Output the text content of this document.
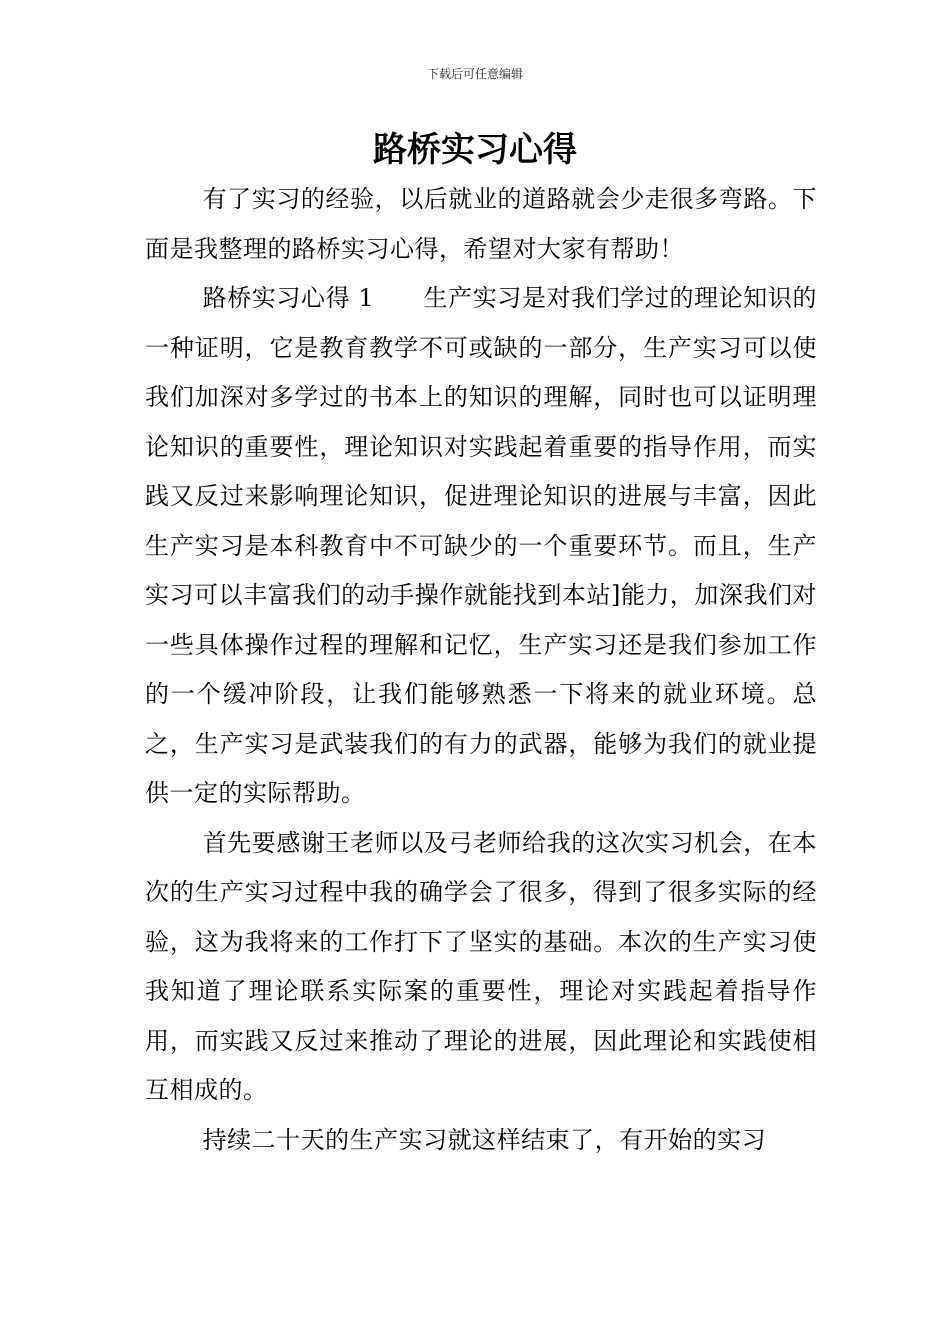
下载后可任意编辑
路桥实习心得

有了实习的经验，以后就业的道路就会少走很多弯路。下面是我整理的路桥实习心得，希望对大家有帮助！

路桥实习心得 1　　生产实习是对我们学过的理论知识的一种证明，它是教育教学不可或缺的一部分，生产实习可以使我们加深对多学过的书本上的知识的理解，同时也可以证明理论知识的重要性，理论知识对实践起着重要的指导作用，而实践又反过来影响理论知识，促进理论知识的进展与丰富，因此生产实习是本科教育中不可缺少的一个重要环节。而且，生产实习可以丰富我们的动手操作就能找到本站]能力，加深我们对一些具体操作过程的理解和记忆，生产实习还是我们参加工作的一个缓冲阶段，让我们能够熟悉一下将来的就业环境。总之，生产实习是武装我们的有力的武器，能够为我们的就业提供一定的实际帮助。

首先要感谢王老师以及弓老师给我的这次实习机会，在本次的生产实习过程中我的确学会了很多，得到了很多实际的经验，这为我将来的工作打下了坚实的基础。本次的生产实习使我知道了理论联系实际案的重要性，理论对实践起着指导作用，而实践又反过来推动了理论的进展，因此理论和实践使相互相成的。

持续二十天的生产实习就这样结束了，有开始的实习
